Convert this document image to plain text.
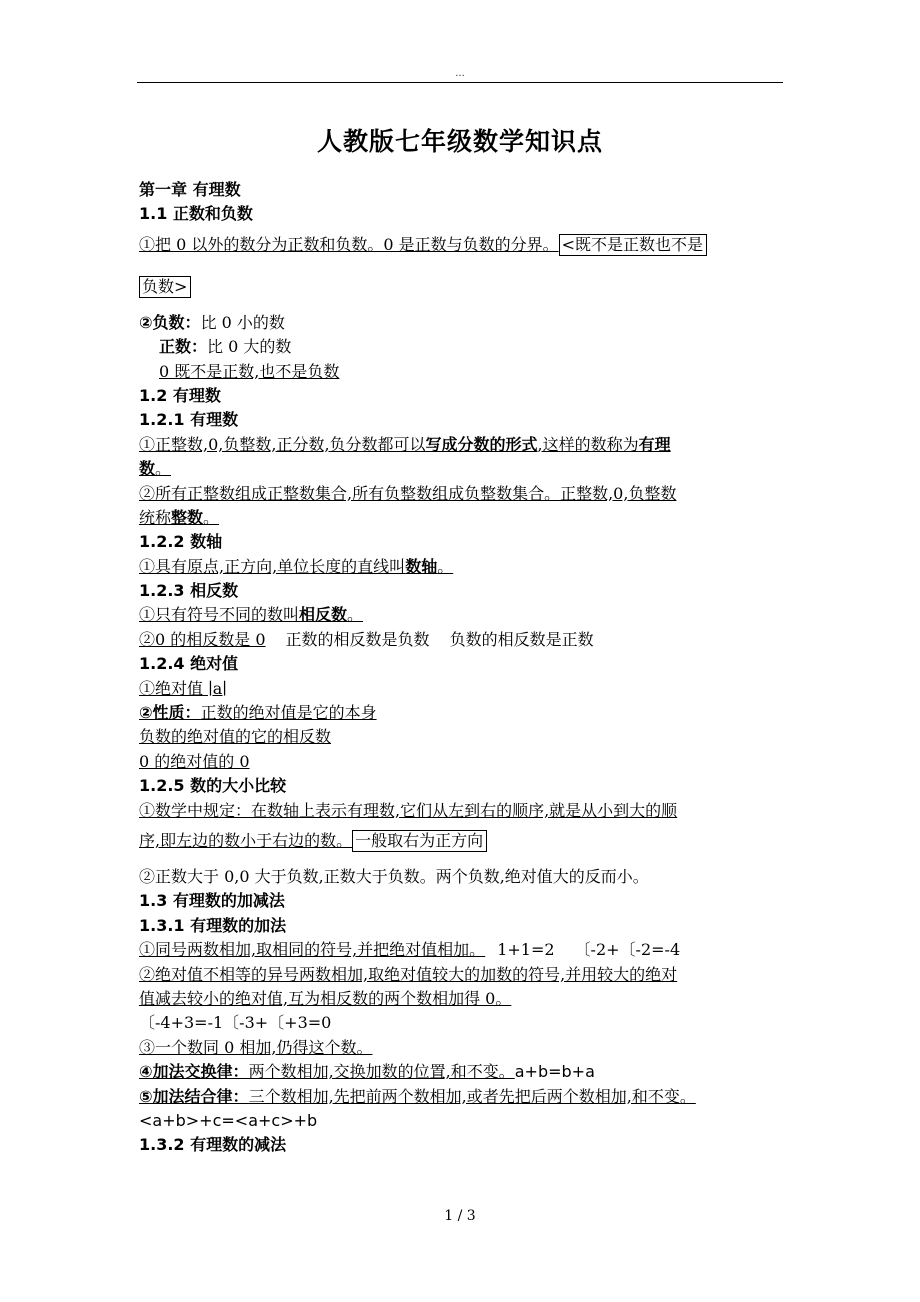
...
人教版七年级数学知识点
第一章 有理数
1.1 正数和负数
①把 0 以外的数分为正数和负数。0 是正数与负数的分界。 <既不是正数也不是
负数>
②负数：比 0 小的数
正数：比 0 大的数
0 既不是正数,也不是负数
1.2 有理数
1.2.1 有理数
①正整数,0,负整数,正分数,负分数都可以写成分数的形式,这样的数称为有理
数。
②所有正整数组成正整数集合,所有负整数组成负整数集合。正整数,0,负整数
统称整数。
1.2.2 数轴
①具有原点,正方向,单位长度的直线叫数轴。
1.2.3 相反数
①只有符号不同的数叫相反数。
②0 的相反数是 0 正数的相反数是负数 负数的相反数是正数
1.2.4 绝对值
①绝对值 ∣a∣
②性质：正数的绝对值是它的本身
负数的绝对值的它的相反数
0 的绝对值的 0
1.2.5 数的大小比较
①数学中规定：在数轴上表示有理数,它们从左到右的顺序,就是从小到大的顺
序,即左边的数小于右边的数。 一般取右为正方向
②正数大于 0,0 大于负数,正数大于负数。两个负数,绝对值大的反而小。
1.3 有理数的加减法
1.3.1 有理数的加法
①同号两数相加,取相同的符号,并把绝对值相加。 1+1=2 〔-2+〔-2=-4
②绝对值不相等的异号两数相加,取绝对值较大的加数的符号,并用较大的绝对
值减去较小的绝对值,互为相反数的两个数相加得 0。
〔-4+3=-1〔-3+〔+3=0
③一个数同 0 相加,仍得这个数。
④加法交换律：两个数相加,交换加数的位置,和不变。a+b=b+a
⑤加法结合律：三个数相加,先把前两个数相加,或者先把后两个数相加,和不变。
<a+b>+c=<a+c>+b
1.3.2 有理数的减法
1 / 3
